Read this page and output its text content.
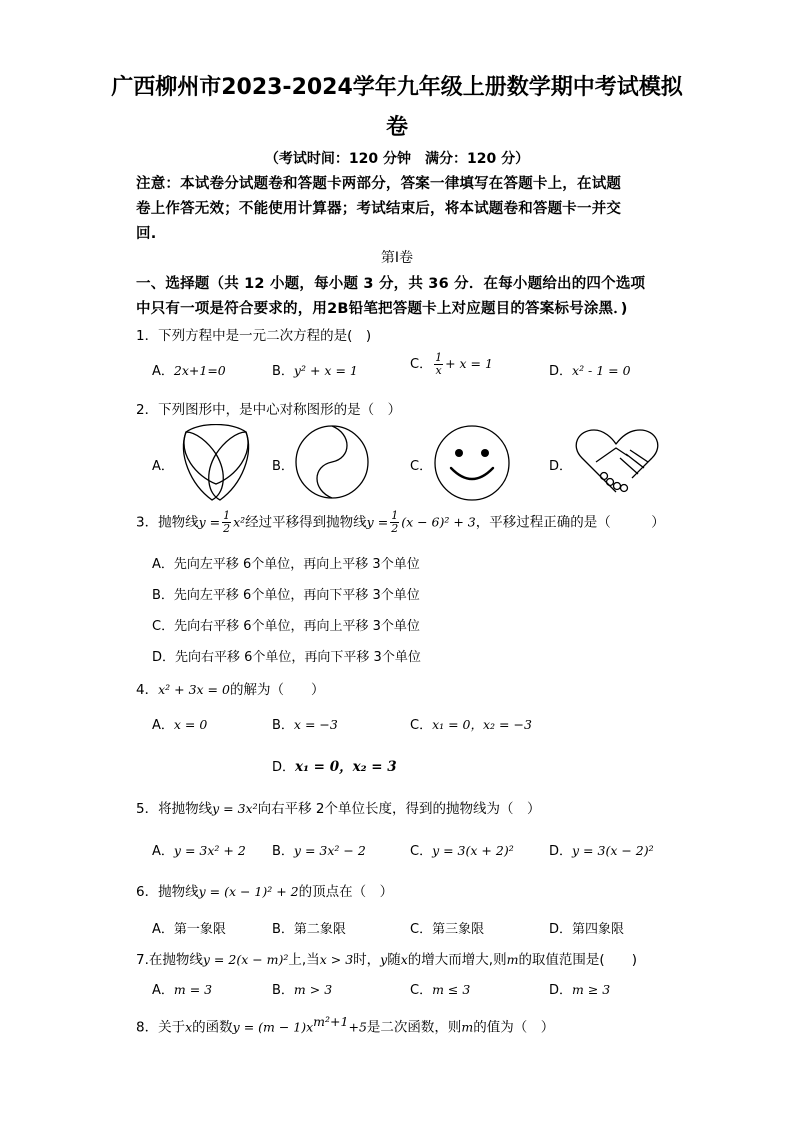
广西柳州市2023-2024学年九年级上册数学期中考试模拟
卷
（考试时间：120 分钟　满分：120 分）
注意：本试卷分试题卷和答题卡两部分，答案一律填写在答题卡上，在试题
卷上作答无效；不能使用计算器；考试结束后，将本试题卷和答题卡一并交
回.
第Ⅰ卷
一、选择题（共 12 小题，每小题 3 分，共 36 分．在每小题给出的四个选项
中只有一项是符合要求的，用2B铅笔把答题卡上对应题目的答案标号涂黑．)
1．下列方程中是一元二次方程的是(　)
A．2x+1=0	B．y² + x = 1	C． $\frac{1}{x} + x = 1$
D．x² - 1 = 0
2．下列图形中，是中心对称图形的是（　）
A．	B．	C．	D．
3．抛物线$y = \frac{1}{2} x^2$经过平移得到抛物线$y = \frac{1}{2} (x - 6)^2 + 3$，平移过程正确的是（　　　）
A．先向左平移 6个单位，再向上平移 3个单位
B．先向左平移 6个单位，再向下平移 3个单位
C．先向右平移 6个单位，再向上平移 3个单位
D．先向右平移 6个单位，再向下平移 3个单位
4．x² + 3x = 0的解为（　　）
A．x = 0	B．x = −3	C．x₁ = 0，x₂ = −3
D．x₁ = 0，x₂ = 3
5．将抛物线y = 3x²向右平移 2个单位长度，得到的抛物线为（　）
A．y = 3x² + 2 B．y = 3x² − 2	C．y = 3(x + 2)²	D．y = 3(x − 2)²
6．抛物线y = (x − 1)² + 2的顶点在（　）
A．第一象限	B．第二象限	C．第三象限	D．第四象限
7.在抛物线y = 2(x − m)²上,当x > 3时，y随x的增大而增大,则m的取值范围是(　　)
A．m = 3	B．m > 3	C．m ≤ 3	D．m ≥ 3
8．关于x的函数$y = (m - 1)x^{m^2+1}+5$是二次函数，则m的值为（　）
